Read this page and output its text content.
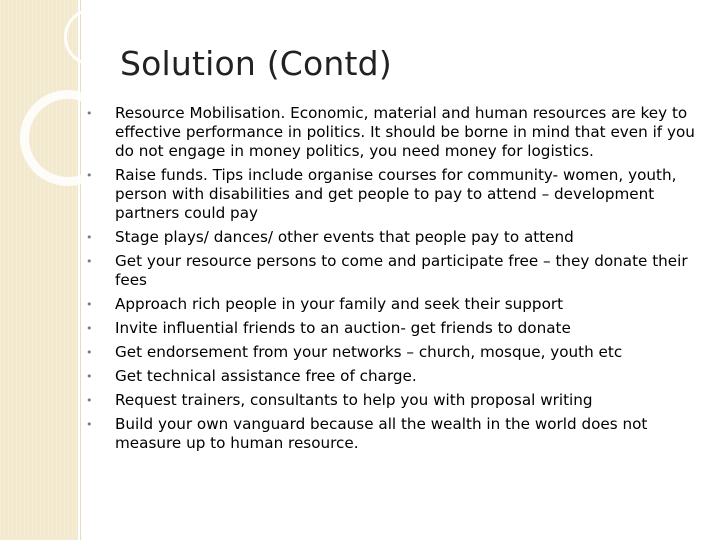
Solution (Contd)
• Resource Mobilisation. Economic, material and human resources are key to effective performance in politics. It should be borne in mind that even if you do not engage in money politics, you need money for logistics.
• Raise funds. Tips include organise courses for community- women, youth, person with disabilities and get people to pay to attend – development partners could pay
• Stage plays/ dances/ other events that people pay to attend
• Get your resource persons to come and participate free – they donate their fees
• Approach rich people in your family and seek their support
• Invite influential friends to an auction- get friends to donate
• Get endorsement from your networks – church, mosque, youth etc
• Get technical assistance free of charge.
• Request trainers, consultants to help you with proposal writing
• Build your own vanguard because all the wealth in the world does not measure up to human resource.
